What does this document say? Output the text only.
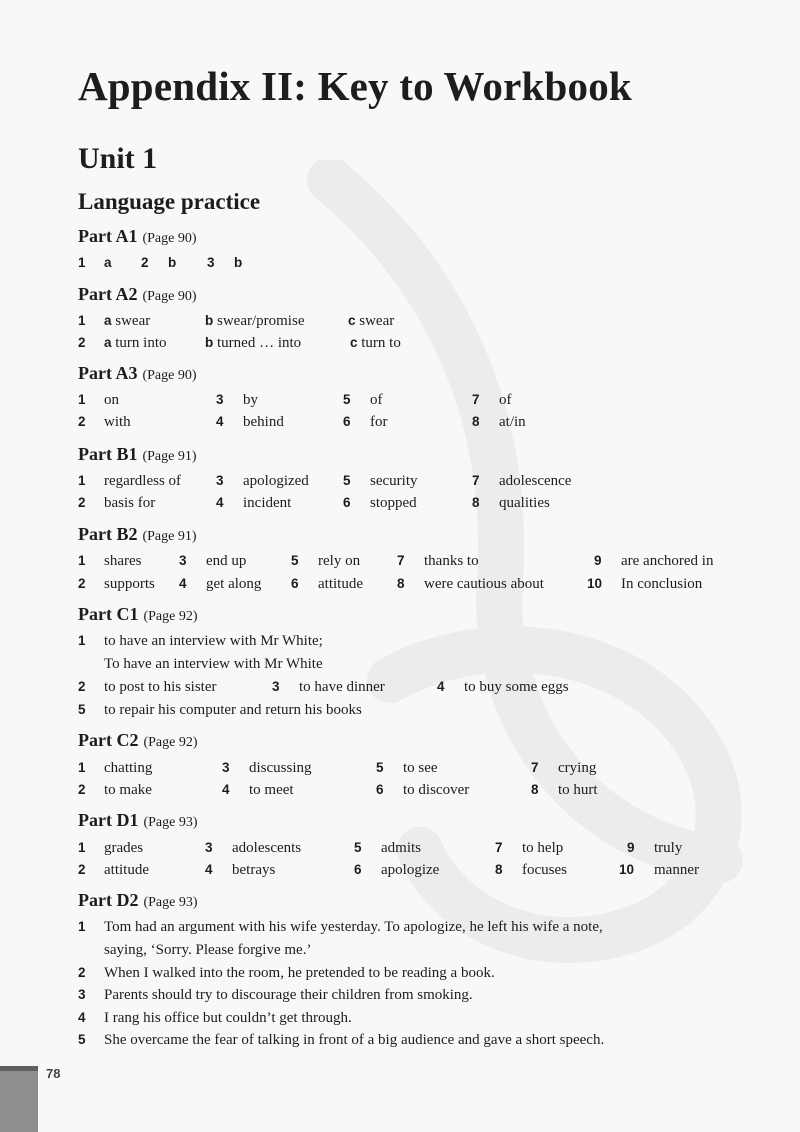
Appendix II: Key to Workbook
Unit 1
Language practice
Part A1 (Page 90)
1 a 2 b 3 b
Part A2 (Page 90)
1 a swear	b swear/promise	c swear
2 a turn into	b turned … into	c turn to
Part A3 (Page 90)
1 on	3 by	5 of	7 of
2 with	4 behind	6 for	8 at/in
Part B1 (Page 91)
1 regardless of	3 apologized	5 security	7 adolescence
2 basis for	4 incident	6 stopped	8 qualities
Part B2 (Page 91)
1 shares	3 end up	5 rely on	7 thanks to	9 are anchored in
2 supports 4 get along 6 attitude	8 were cautious about	10 In conclusion
Part C1 (Page 92)
1 to have an interview with Mr White;
To have an interview with Mr White
2 to post to his sister	3 to have dinner	4 to buy some eggs
5 to repair his computer and return his books
Part C2 (Page 92)
1 chatting	3 discussing	5 to see	7 crying
2 to make	4 to meet	6 to discover	8 to hurt
Part D1 (Page 93)
1 grades	3 adolescents	5 admits	7 to help	9 truly
2 attitude	4 betrays	6 apologize	8 focuses	10 manner
Part D2 (Page 93)
1 Tom had an argument with his wife yesterday. To apologize, he left his wife a note,
saying, ‘Sorry. Please forgive me.’
2 When I walked into the room, he pretended to be reading a book.
3 Parents should try to discourage their children from smoking.
4 I rang his office but couldn’t get through.
5 She overcame the fear of talking in front of a big audience and gave a short speech.
78
